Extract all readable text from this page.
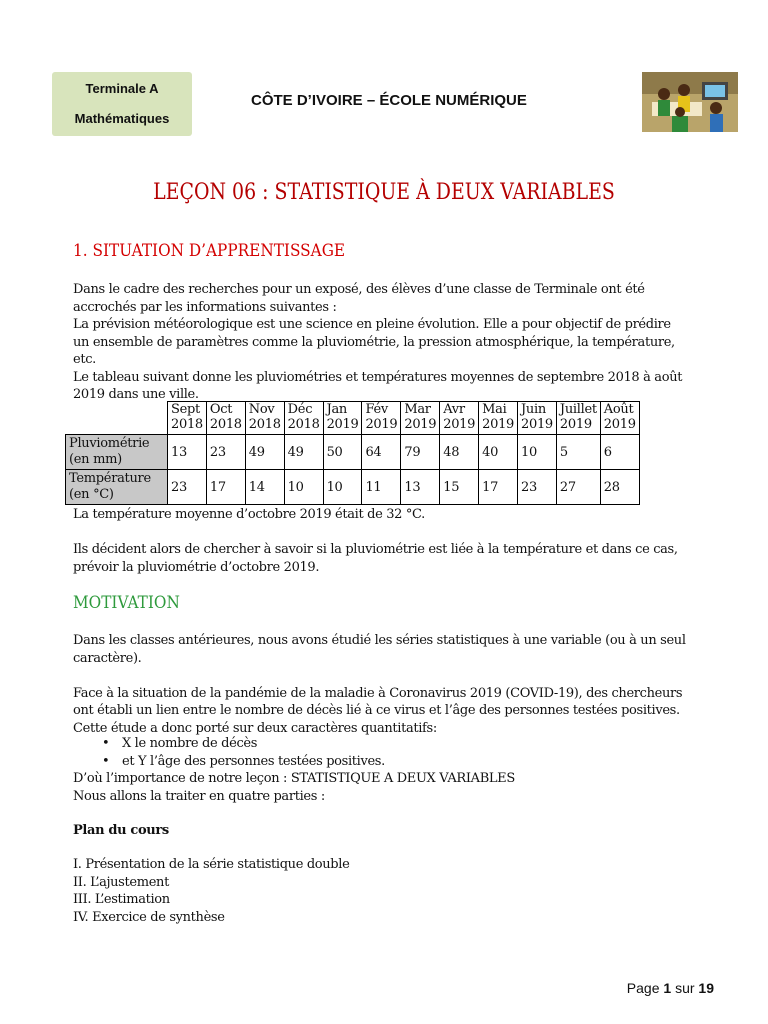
Terminale A
Mathématiques
CÔTE D’IVOIRE – ÉCOLE NUMÉRIQUE
LEÇON 06 : STATISTIQUE À DEUX VARIABLES
1. SITUATION D’APPRENTISSAGE
Dans le cadre des recherches pour un exposé, des élèves d’une classe de Terminale ont été
accrochés par les informations suivantes :
La prévision météorologique est une science en pleine évolution. Elle a pour objectif de prédire
un ensemble de paramètres comme la pluviométrie, la pression atmosphérique, la température,
etc.
Le tableau suivant donne les pluviométries et températures moyennes de septembre 2018 à août
2019 dans une ville.
	Sept
2018	Oct
2018	Nov
2018	Déc
2018	Jan
2019	Fév
2019	Mar
2019	Avr
2019	Mai
2019	Juin
2019	Juillet
2019	Août
2019
Pluviométrie
(en mm)	13	23	49	49	50	64	79	48	40	10	5	6
Température
(en °C)	23	17	14	10	10	11	13	15	17	23	27	28
La température moyenne d’octobre 2019 était de 32 °C.

Ils décident alors de chercher à savoir si la pluviométrie est liée à la température et dans ce cas,
prévoir la pluviométrie d’octobre 2019.
MOTIVATION
Dans les classes antérieures, nous avons étudié les séries statistiques à une variable (ou à un seul
caractère).

Face à la situation de la pandémie de la maladie à Coronavirus 2019 (COVID-19), des chercheurs
ont établi un lien entre le nombre de décès lié à ce virus et l’âge des personnes testées positives.
Cette étude a donc porté sur deux caractères quantitatifs:
• X le nombre de décès
• et Y l’âge des personnes testées positives.
D’où l’importance de notre leçon : STATISTIQUE A DEUX VARIABLES
Nous allons la traiter en quatre parties :
Plan du cours
I. Présentation de la série statistique double
II. L’ajustement
III. L’estimation
IV. Exercice de synthèse
Page 1 sur 19
